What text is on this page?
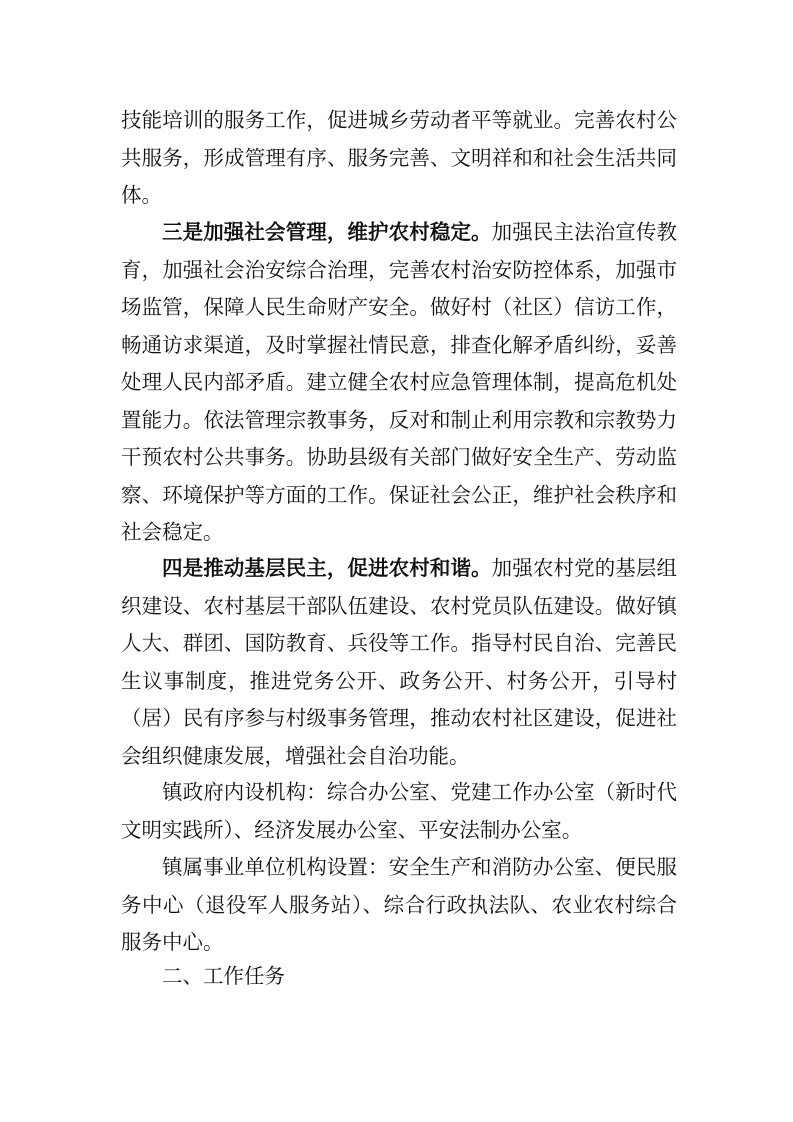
技能培训的服务工作，促进城乡劳动者平等就业。完善农村公共服务，形成管理有序、服务完善、文明祥和和社会生活共同体。

三是加强社会管理，维护农村稳定。加强民主法治宣传教育，加强社会治安综合治理，完善农村治安防控体系，加强市场监管，保障人民生命财产安全。做好村（社区）信访工作，畅通访求渠道，及时掌握社情民意，排查化解矛盾纠纷，妥善处理人民内部矛盾。建立健全农村应急管理体制，提高危机处置能力。依法管理宗教事务，反对和制止利用宗教和宗教势力干预农村公共事务。协助县级有关部门做好安全生产、劳动监察、环境保护等方面的工作。保证社会公正，维护社会秩序和社会稳定。

四是推动基层民主，促进农村和谐。加强农村党的基层组织建设、农村基层干部队伍建设、农村党员队伍建设。做好镇人大、群团、国防教育、兵役等工作。指导村民自治、完善民生议事制度，推进党务公开、政务公开、村务公开，引导村（居）民有序参与村级事务管理，推动农村社区建设，促进社会组织健康发展，增强社会自治功能。

镇政府内设机构：综合办公室、党建工作办公室（新时代文明实践所）、经济发展办公室、平安法制办公室。

镇属事业单位机构设置：安全生产和消防办公室、便民服务中心（退役军人服务站）、综合行政执法队、农业农村综合服务中心。

二、工作任务
